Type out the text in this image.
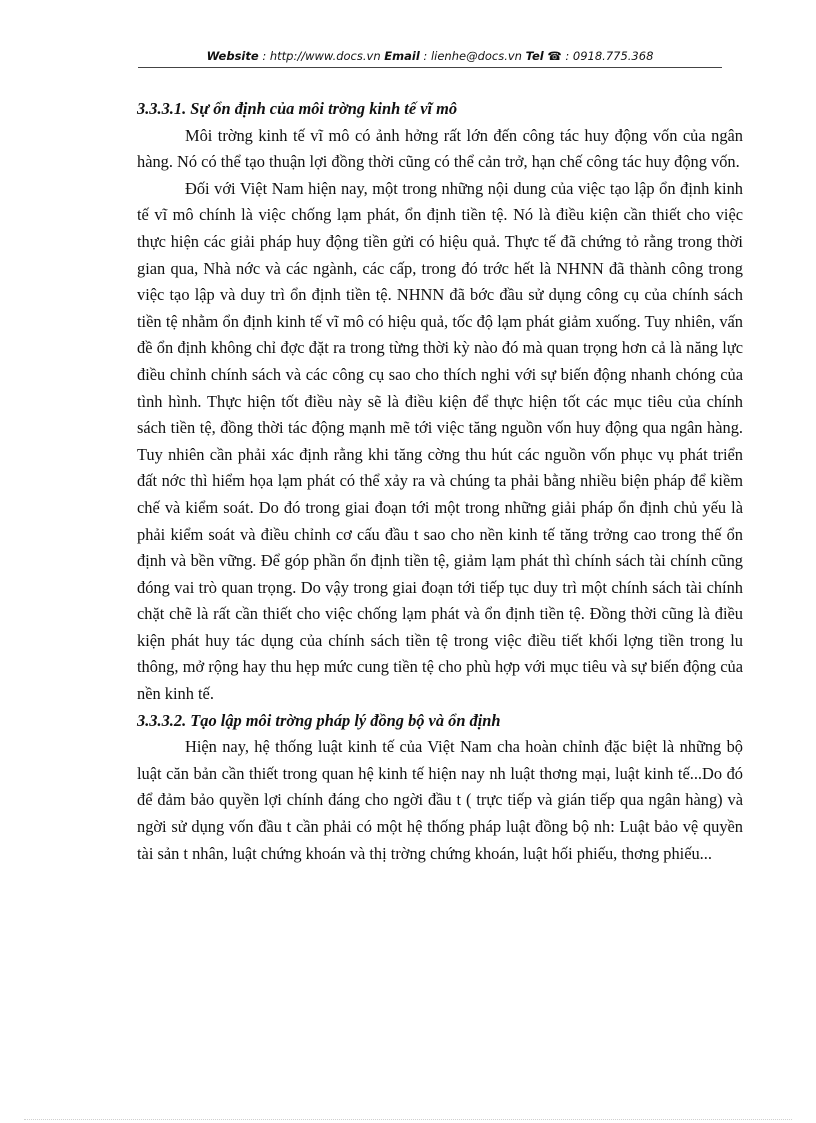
Website : http://www.docs.vn Email : lienhe@docs.vn Tel ☎ : 0918.775.368

3.3.3.1. Sự ổn định của môi trờng kinh tế vĩ mô

Môi trờng kinh tế vĩ mô có ảnh hởng rất lớn đến công tác huy động vốn của ngân hàng. Nó có thể tạo thuận lợi đồng thời cũng có thể cản trở, hạn chế công tác huy động vốn.

Đối với Việt Nam hiện nay, một trong những nội dung của việc tạo lập ổn định kinh tế vĩ mô chính là việc chống lạm phát, ổn định tiền tệ. Nó là điều kiện cần thiết cho việc thực hiện các giải pháp huy động tiền gửi có hiệu quả. Thực tế đã chứng tỏ rằng trong thời gian qua, Nhà nớc và các ngành, các cấp, trong đó trớc hết là NHNN đã thành công trong việc tạo lập và duy trì ổn định tiền tệ. NHNN đã bớc đầu sử dụng công cụ của chính sách tiền tệ nhằm ổn định kinh tế vĩ mô có hiệu quả, tốc độ lạm phát giảm xuống. Tuy nhiên, vấn đề ổn định không chỉ đợc đặt ra trong từng thời kỳ nào đó mà quan trọng hơn cả là năng lực điều chỉnh chính sách và các công cụ sao cho thích nghi với sự biến động nhanh chóng của tình hình. Thực hiện tốt điều này sẽ là điều kiện để thực hiện tốt các mục tiêu của chính sách tiền tệ, đồng thời tác động mạnh mẽ tới việc tăng nguồn vốn huy động qua ngân hàng. Tuy nhiên cần phải xác định rằng khi tăng cờng thu hút các nguồn vốn phục vụ phát triển đất nớc thì hiểm họa lạm phát có thể xảy ra và chúng ta phải bằng nhiều biện pháp để kiềm chế và kiểm soát. Do đó trong giai đoạn tới một trong những giải pháp ổn định chủ yếu là phải kiểm soát và điều chỉnh cơ cấu đầu t sao cho nền kinh tế tăng trởng cao trong thế ổn định và bền vững. Để góp phần ổn định tiền tệ, giảm lạm phát thì chính sách tài chính cũng đóng vai trò quan trọng. Do vậy trong giai đoạn tới tiếp tục duy trì một chính sách tài chính chặt chẽ là rất cần thiết cho việc chống lạm phát và ổn định tiền tệ. Đồng thời cũng là điều kiện phát huy tác dụng của chính sách tiền tệ trong việc điều tiết khối lợng tiền trong lu thông, mở rộng hay thu hẹp mức cung tiền tệ cho phù hợp với mục tiêu và sự biến động của nền kinh tế.

3.3.3.2. Tạo lập môi trờng pháp lý đồng bộ và ổn định

Hiện nay, hệ thống luật kinh tế của Việt Nam cha hoàn chỉnh đặc biệt là những bộ luật căn bản cần thiết trong quan hệ kinh tế hiện nay nh luật thơng mại, luật kinh tế...Do đó để đảm bảo quyền lợi chính đáng cho ngời đầu t ( trực tiếp và gián tiếp qua ngân hàng) và ngời sử dụng vốn đầu t cần phải có một hệ thống pháp luật đồng bộ nh: Luật bảo vệ quyền tài sản t nhân, luật chứng khoán và thị trờng chứng khoán, luật hối phiếu, thơng phiếu...
